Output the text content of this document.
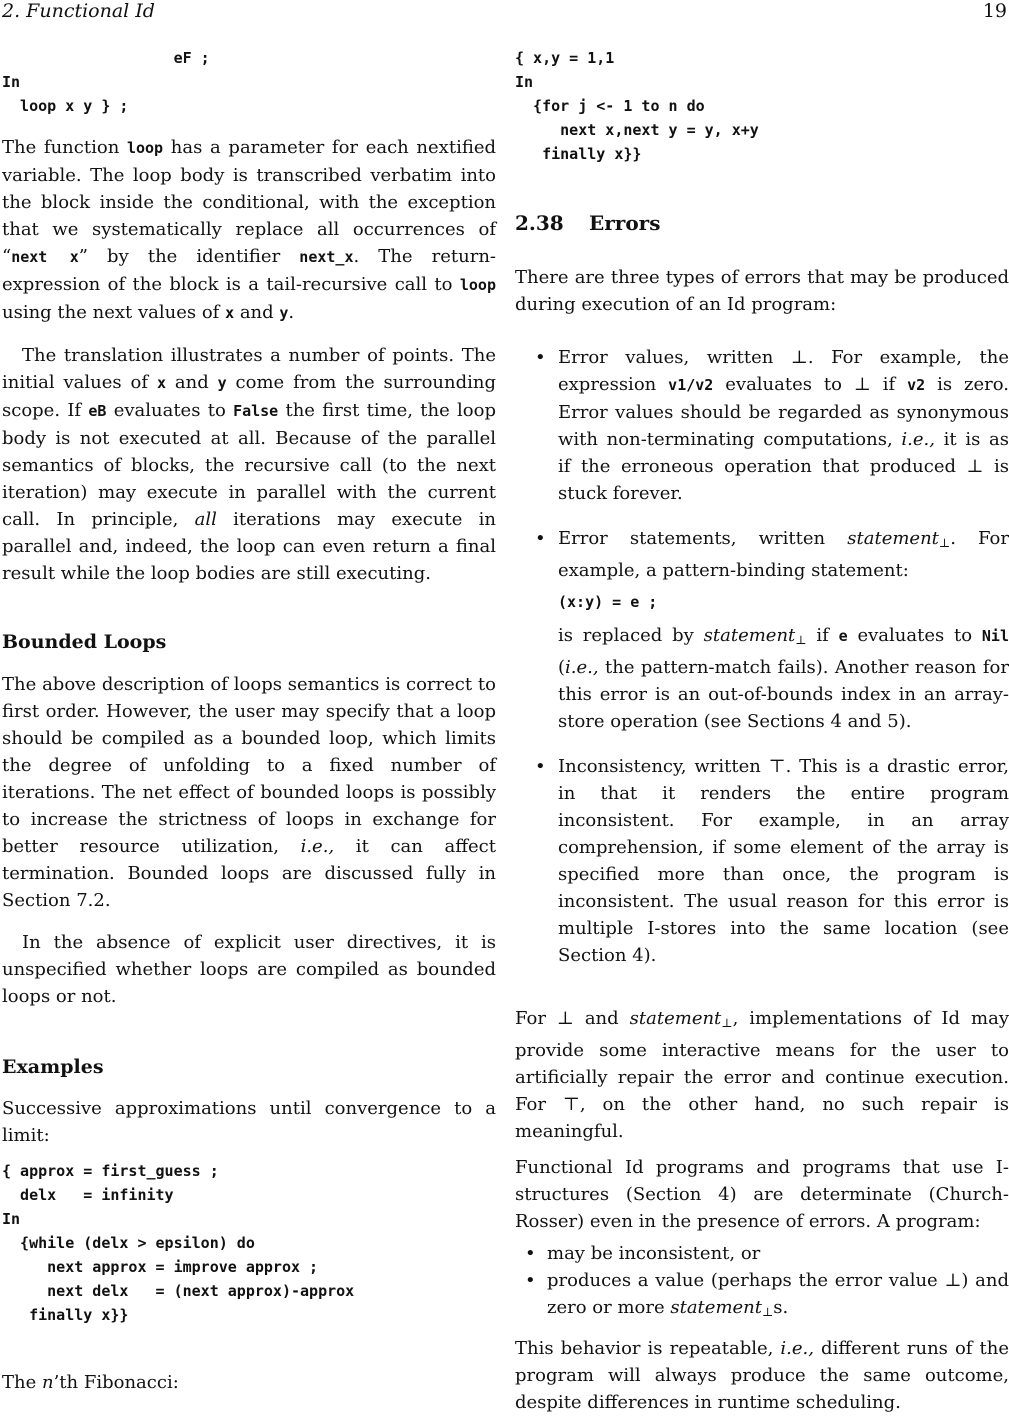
2. Functional Id	19
eF ;
In
loop x y } ;

The function loop has a parameter for each nextified variable. The loop body is transcribed verbatim into the block inside the conditional, with the exception that we systematically replace all occurrences of “next x” by the identifier next_x. The return-expression of the block is a tail-recursive call to loop using the next values of x and y.

The translation illustrates a number of points. The initial values of x and y come from the surrounding scope. If eB evaluates to False the first time, the loop body is not executed at all. Because of the parallel semantics of blocks, the recursive call (to the next iteration) may execute in parallel with the current call. In principle, all iterations may execute in parallel and, indeed, the loop can even return a final result while the loop bodies are still executing.

Bounded Loops

The above description of loops semantics is correct to first order. However, the user may specify that a loop should be compiled as a bounded loop, which limits the degree of unfolding to a fixed number of iterations. The net effect of bounded loops is possibly to increase the strictness of loops in exchange for better resource utilization, i.e., it can affect termination. Bounded loops are discussed fully in Section 7.2.

In the absence of explicit user directives, it is unspecified whether loops are compiled as bounded loops or not.

Examples

Successive approximations until convergence to a limit:

{ approx = first_guess ;
delx   = infinity
In
{while (delx > epsilon) do
next approx = improve approx ;
next delx   = (next approx)-approx
finally x}}

The n’th Fibonacci:

{ x,y = 1,1
In
{for j <- 1 to n do
next x,next y = y, x+y
finally x}}
2.38 Errors

There are three types of errors that may be produced during execution of an Id program:

• Error values, written ⊥. For example, the expression v1/v2 evaluates to ⊥ if v2 is zero. Error values should be regarded as synonymous with non-terminating computations, i.e., it is as if the erroneous operation that produced ⊥ is stuck forever.

• Error statements, written statement$_\perp$. For example, a pattern-binding statement:

(x:y) = e ;

is replaced by statement$_\perp$ if e evaluates to Nil (i.e., the pattern-match fails). Another reason for this error is an out-of-bounds index in an array-store operation (see Sections 4 and 5).

• Inconsistency, written ⊤. This is a drastic error, in that it renders the entire program inconsistent. For example, in an array comprehension, if some element of the array is specified more than once, the program is inconsistent. The usual reason for this error is multiple I-stores into the same location (see Section 4).

For ⊥ and statement$_\perp$, implementations of Id may provide some interactive means for the user to artificially repair the error and continue execution. For ⊤, on the other hand, no such repair is meaningful.

Functional Id programs and programs that use I-structures (Section 4) are determinate (Church-Rosser) even in the presence of errors. A program:

• may be inconsistent, or

• produces a value (perhaps the error value ⊥) and zero or more statement$_\perp$s.

This behavior is repeatable, i.e., different runs of the program will always produce the same outcome, despite differences in runtime scheduling.
